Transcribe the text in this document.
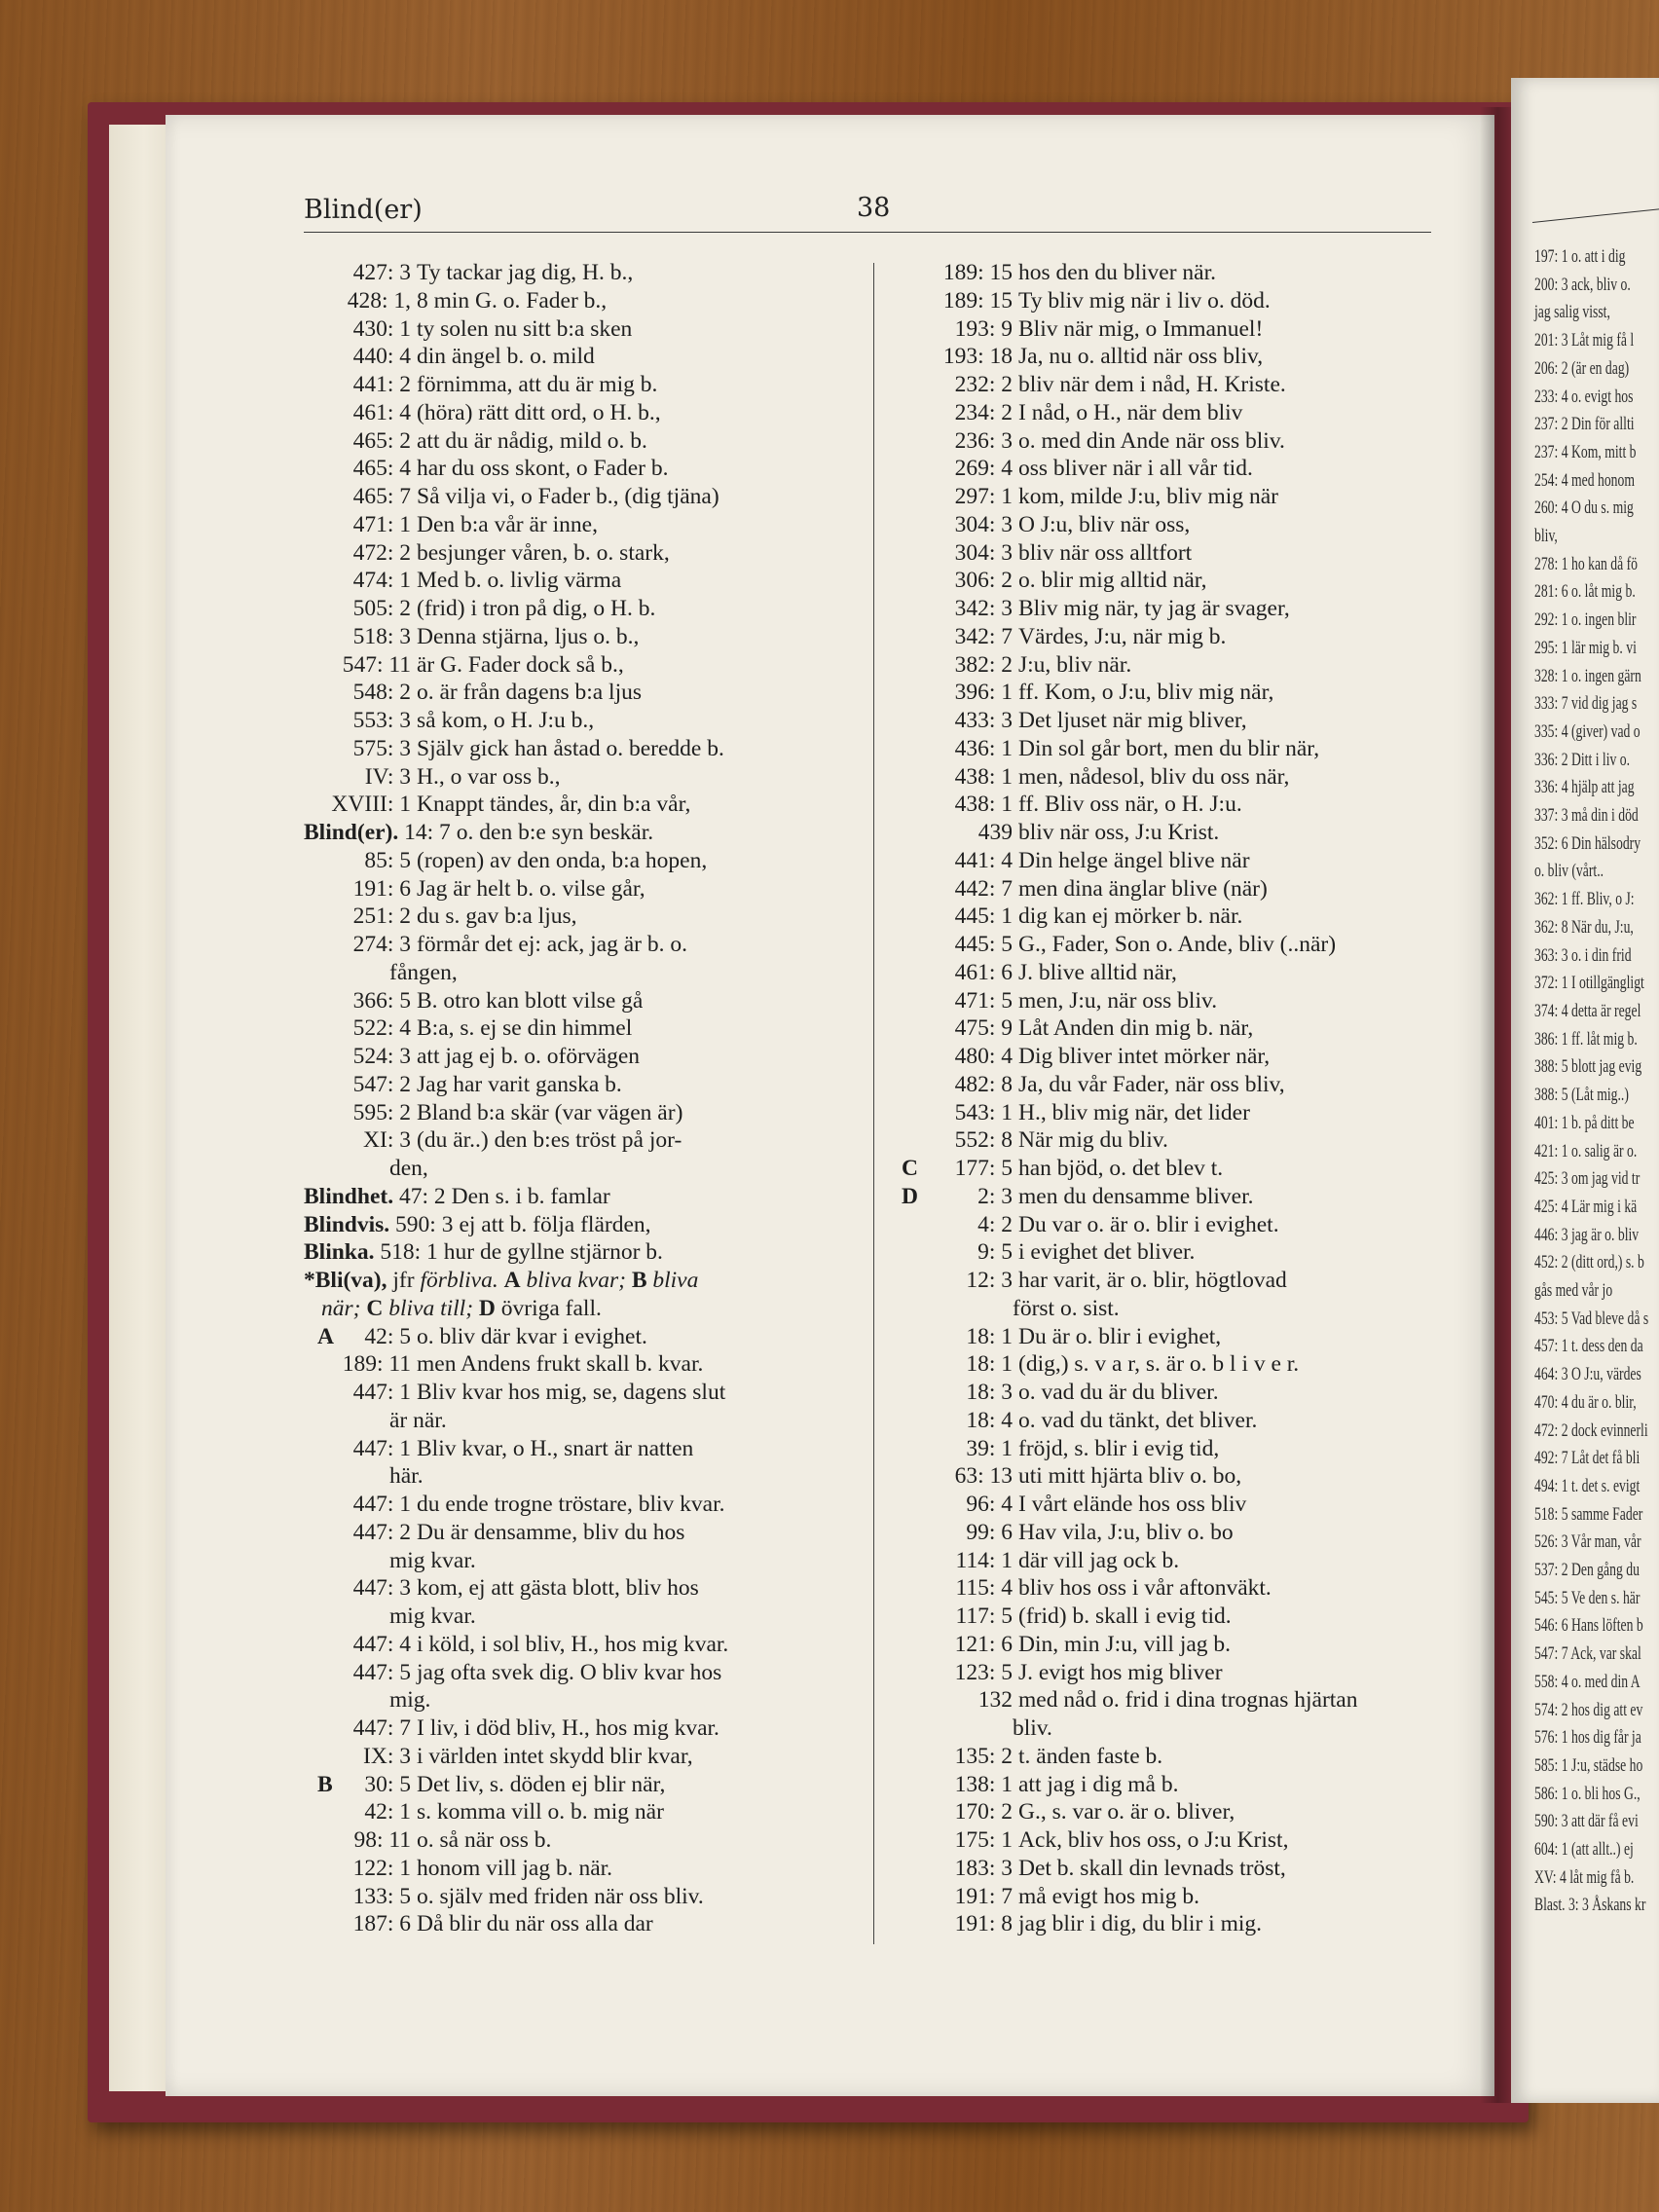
197: 1 o. att i dig
200: 3 ack, bliv o.
jag salig visst,
201: 3 Låt mig få l
206: 2 (är en dag)
233: 4 o. evigt hos
237: 2 Din för allti
237: 4 Kom, mitt b
254: 4 med honom
260: 4 O du s. mig
bliv,
278: 1 ho kan då fö
281: 6 o. låt mig b.
292: 1 o. ingen blir
295: 1 lär mig b. vi
328: 1 o. ingen gärn
333: 7 vid dig jag s
335: 4 (giver) vad o
336: 2 Ditt i liv o.
336: 4 hjälp att jag
337: 3 må din i död
352: 6 Din hälsodry
o. bliv (vårt..
362: 1 ff. Bliv, o J:
362: 8 När du, J:u,
363: 3 o. i din frid
372: 1 I otillgängligt
374: 4 detta är regel
386: 1 ff. låt mig b.
388: 5 blott jag evig
388: 5 (Låt mig..)
401: 1 b. på ditt be
421: 1 o. salig är o.
425: 3 om jag vid tr
425: 4 Lär mig i kä
446: 3 jag är o. bliv
452: 2 (ditt ord,) s. b
gås med vår jo
453: 5 Vad bleve då s
457: 1 t. dess den da
464: 3 O J:u, värdes
470: 4 du är o. blir,
472: 2 dock evinnerli
492: 7 Låt det få bli
494: 1 t. det s. evigt
518: 5 samme Fader
526: 3 Vår man, vår
537: 2 Den gång du
545: 5 Ve den s. här
546: 6 Hans löften b
547: 7 Ack, var skal
558: 4 o. med din A
574: 2 hos dig att ev
576: 1 hos dig får ja
585: 1 J:u, städse ho
586: 1 o. bli hos G.,
590: 3 att där få evi
604: 1 (att allt..) ej
XV: 4 låt mig få b.
Blast. 3: 3 Åskans kr
Blind(er)	38
427: 3 Ty tackar jag dig, H. b.,
428: 1, 8 min G. o. Fader b.,
430: 1 ty solen nu sitt b:a sken
440: 4 din ängel b. o. mild
441: 2 förnimma, att du är mig b.
461: 4 (höra) rätt ditt ord, o H. b.,
465: 2 att du är nådig, mild o. b.
465: 4 har du oss skont, o Fader b.
465: 7 Så vilja vi, o Fader b., (dig tjäna)
471: 1 Den b:a vår är inne,
472: 2 besjunger våren, b. o. stark,
474: 1 Med b. o. livlig värma
505: 2 (frid) i tron på dig, o H. b.
518: 3 Denna stjärna, ljus o. b.,
547: 11 är G. Fader dock så b.,
548: 2 o. är från dagens b:a ljus
553: 3 så kom, o H. J:u b.,
575: 3 Själv gick han åstad o. beredde b.
IV: 3 H., o var oss b.,
XVIII: 1 Knappt tändes, år, din b:a vår,
Blind(er). 14: 7 o. den b:e syn beskär.
85: 5 (ropen) av den onda, b:a hopen,
191: 6 Jag är helt b. o. vilse går,
251: 2 du s. gav b:a ljus,
274: 3 förmår det ej: ack, jag är b. o.
fången,
366: 5 B. otro kan blott vilse gå
522: 4 B:a, s. ej se din himmel
524: 3 att jag ej b. o. oförvägen
547: 2 Jag har varit ganska b.
595: 2 Bland b:a skär (var vägen är)
XI: 3 (du är..) den b:es tröst på jor-
den,
Blindhet. 47: 2 Den s. i b. famlar
Blindvis. 590: 3 ej att b. följa flärden,
Blinka. 518: 1 hur de gyllne stjärnor b.
*Bli(va), jfr förbliva. A bliva kvar; B bliva
när; C bliva till; D övriga fall.
A 42: 5 o. bliv där kvar i evighet.
189: 11 men Andens frukt skall b. kvar.
447: 1 Bliv kvar hos mig, se, dagens slut
är när.
447: 1 Bliv kvar, o H., snart är natten
här.
447: 1 du ende trogne tröstare, bliv kvar.
447: 2 Du är densamme, bliv du hos
mig kvar.
447: 3 kom, ej att gästa blott, bliv hos
mig kvar.
447: 4 i köld, i sol bliv, H., hos mig kvar.
447: 5 jag ofta svek dig. O bliv kvar hos
mig.
447: 7 I liv, i död bliv, H., hos mig kvar.
IX: 3 i världen intet skydd blir kvar,
B 30: 5 Det liv, s. döden ej blir när,
42: 1 s. komma vill o. b. mig när
98: 11 o. så när oss b.
122: 1 honom vill jag b. när.
133: 5 o. själv med friden när oss bliv.
187: 6 Då blir du när oss alla dar
189: 15 hos den du bliver när.
189: 15 Ty bliv mig när i liv o. död.
193: 9 Bliv när mig, o Immanuel!
193: 18 Ja, nu o. alltid när oss bliv,
232: 2 bliv när dem i nåd, H. Kriste.
234: 2 I nåd, o H., när dem bliv
236: 3 o. med din Ande när oss bliv.
269: 4 oss bliver när i all vår tid.
297: 1 kom, milde J:u, bliv mig när
304: 3 O J:u, bliv när oss,
304: 3 bliv när oss alltfort
306: 2 o. blir mig alltid när,
342: 3 Bliv mig när, ty jag är svager,
342: 7 Värdes, J:u, när mig b.
382: 2 J:u, bliv när.
396: 1 ff. Kom, o J:u, bliv mig när,
433: 3 Det ljuset när mig bliver,
436: 1 Din sol går bort, men du blir när,
438: 1 men, nådesol, bliv du oss när,
438: 1 ff. Bliv oss när, o H. J:u.
439 bliv när oss, J:u Krist.
441: 4 Din helge ängel blive när
442: 7 men dina änglar blive (när)
445: 1 dig kan ej mörker b. när.
445: 5 G., Fader, Son o. Ande, bliv (..när)
461: 6 J. blive alltid när,
471: 5 men, J:u, när oss bliv.
475: 9 Låt Anden din mig b. när,
480: 4 Dig bliver intet mörker när,
482: 8 Ja, du vår Fader, när oss bliv,
543: 1 H., bliv mig när, det lider
552: 8 När mig du bliv.
C 177: 5 han bjöd, o. det blev t.
D	2: 3 men du densamme bliver.
4: 2 Du var o. är o. blir i evighet.
9: 5 i evighet det bliver.
12: 3 har varit, är o. blir, högtlovad
först o. sist.
18: 1 Du är o. blir i evighet,
18: 1 (dig,) s. v a r, s. är o. b l i v e r.
18: 3 o. vad du är du bliver.
18: 4 o. vad du tänkt, det bliver.
39: 1 fröjd, s. blir i evig tid,
63: 13 uti mitt hjärta bliv o. bo,
96: 4 I vårt elände hos oss bliv
99: 6 Hav vila, J:u, bliv o. bo
114: 1 där vill jag ock b.
115: 4 bliv hos oss i vår aftonväkt.
117: 5 (frid) b. skall i evig tid.
121: 6 Din, min J:u, vill jag b.
123: 5 J. evigt hos mig bliver
132 med nåd o. frid i dina trognas hjärtan
bliv.
135: 2 t. änden faste b.
138: 1 att jag i dig må b.
170: 2 G., s. var o. är o. bliver,
175: 1 Ack, bliv hos oss, o J:u Krist,
183: 3 Det b. skall din levnads tröst,
191: 7 må evigt hos mig b.
191: 8 jag blir i dig, du blir i mig.
